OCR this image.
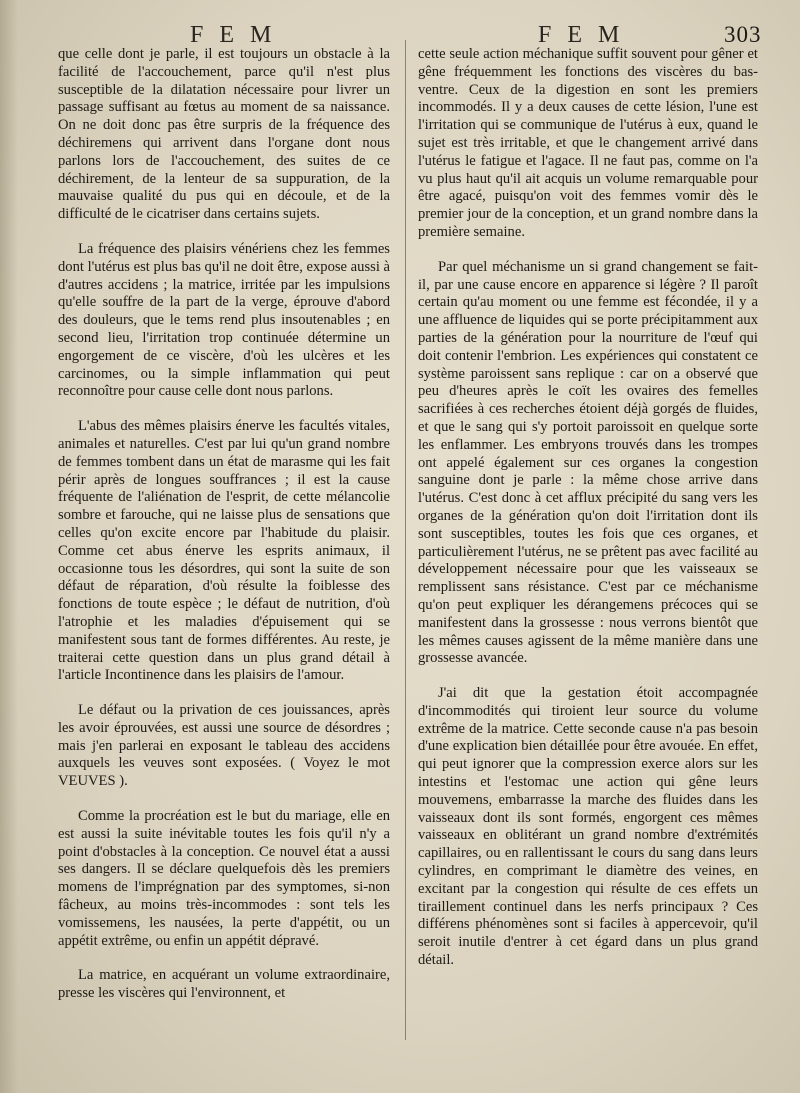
F E M	F E M	303

que celle dont je parle, il est toujours un obstacle à la facilité de l'accouchement, parce qu'il n'est plus susceptible de la dilatation nécessaire pour livrer un passage suffisant au fœtus au moment de sa naissance. On ne doit donc pas être surpris de la fréquence des déchiremens qui arrivent dans l'organe dont nous parlons lors de l'accouchement, des suites de ce déchirement, de la lenteur de sa suppuration, de la mauvaise qualité du pus qui en découle, et de la difficulté de le cicatriser dans certains sujets.

La fréquence des plaisirs vénériens chez les femmes dont l'utérus est plus bas qu'il ne doit être, expose aussi à d'autres accidens ; la matrice, irritée par les impulsions qu'elle souffre de la part de la verge, éprouve d'abord des douleurs, que le tems rend plus insoutenables ; en second lieu, l'irritation trop continuée détermine un engorgement de ce viscère, d'où les ulcères et les carcinomes, ou la simple inflammation qui peut reconnoître pour cause celle dont nous parlons.

L'abus des mêmes plaisirs énerve les facultés vitales, animales et naturelles. C'est par lui qu'un grand nombre de femmes tombent dans un état de marasme qui les fait périr après de longues souffrances ; il est la cause fréquente de l'aliénation de l'esprit, de cette mélancolie sombre et farouche, qui ne laisse plus de sensations que celles qu'on excite encore par l'habitude du plaisir. Comme cet abus énerve les esprits animaux, il occasionne tous les désordres, qui sont la suite de son défaut de réparation, d'où résulte la foiblesse des fonctions de toute espèce ; le défaut de nutrition, d'où l'atrophie et les maladies d'épuisement qui se manifestent sous tant de formes différentes. Au reste, je traiterai cette question dans un plus grand détail à l'article Incontinence dans les plaisirs de l'amour.

Le défaut ou la privation de ces jouissances, après les avoir éprouvées, est aussi une source de désordres ; mais j'en parlerai en exposant le tableau des accidens auxquels les veuves sont exposées. ( Voyez le mot VEUVES ).

Comme la procréation est le but du mariage, elle en est aussi la suite inévitable toutes les fois qu'il n'y a point d'obstacles à la conception. Ce nouvel état a aussi ses dangers. Il se déclare quelquefois dès les premiers momens de l'imprégnation par des symptomes, si-non fâcheux, au moins très-incommodes : sont tels les vomissemens, les nausées, la perte d'appétit, ou un appétit extrême, ou enfin un appétit dépravé.

La matrice, en acquérant un volume extraordinaire, presse les viscères qui l'environnent, et

cette seule action méchanique suffit souvent pour gêner et gêne fréquemment les fonctions des viscères du bas-ventre. Ceux de la digestion en sont les premiers incommodés. Il y a deux causes de cette lésion, l'une est l'irritation qui se communique de l'utérus à eux, quand le sujet est très irritable, et que le changement arrivé dans l'utérus le fatigue et l'agace. Il ne faut pas, comme on l'a vu plus haut qu'il ait acquis un volume remarquable pour être agacé, puisqu'on voit des femmes vomir dès le premier jour de la conception, et un grand nombre dans la première semaine.

Par quel méchanisme un si grand changement se fait-il, par une cause encore en apparence si légère ? Il paroît certain qu'au moment ou une femme est fécondée, il y a une affluence de liquides qui se porte précipitamment aux parties de la génération pour la nourriture de l'œuf qui doit contenir l'embrion. Les expériences qui constatent ce système paroissent sans replique : car on a observé que peu d'heures après le coït les ovaires des femelles sacrifiées à ces recherches étoient déjà gorgés de fluides, et que le sang qui s'y portoit paroissoit en quelque sorte les enflammer. Les embryons trouvés dans les trompes ont appelé également sur ces organes la congestion sanguine dont je parle : la même chose arrive dans l'utérus. C'est donc à cet afflux précipité du sang vers les organes de la génération qu'on doit l'irritation dont ils sont susceptibles, toutes les fois que ces organes, et particulièrement l'utérus, ne se prêtent pas avec facilité au développement nécessaire pour que les vaisseaux se remplissent sans résistance. C'est par ce méchanisme qu'on peut expliquer les dérangemens précoces qui se manifestent dans la grossesse : nous verrons bientôt que les mêmes causes agissent de la même manière dans une grossesse avancée.

J'ai dit que la gestation étoit accompagnée d'incommodités qui tiroient leur source du volume extrême de la matrice. Cette seconde cause n'a pas besoin d'une explication bien détaillée pour être avouée. En effet, qui peut ignorer que la compression exerce alors sur les intestins et l'estomac une action qui gêne leurs mouvemens, embarrasse la marche des fluides dans les vaisseaux dont ils sont formés, engorgent ces mêmes vaisseaux en oblitérant un grand nombre d'extrémités capillaires, ou en rallentissant le cours du sang dans leurs cylindres, en comprimant le diamètre des veines, en excitant par la congestion qui résulte de ces effets un tiraillement continuel dans les nerfs principaux ? Ces différens phénomènes sont si faciles à appercevoir, qu'il seroit inutile d'entrer à cet égard dans un plus grand détail.
